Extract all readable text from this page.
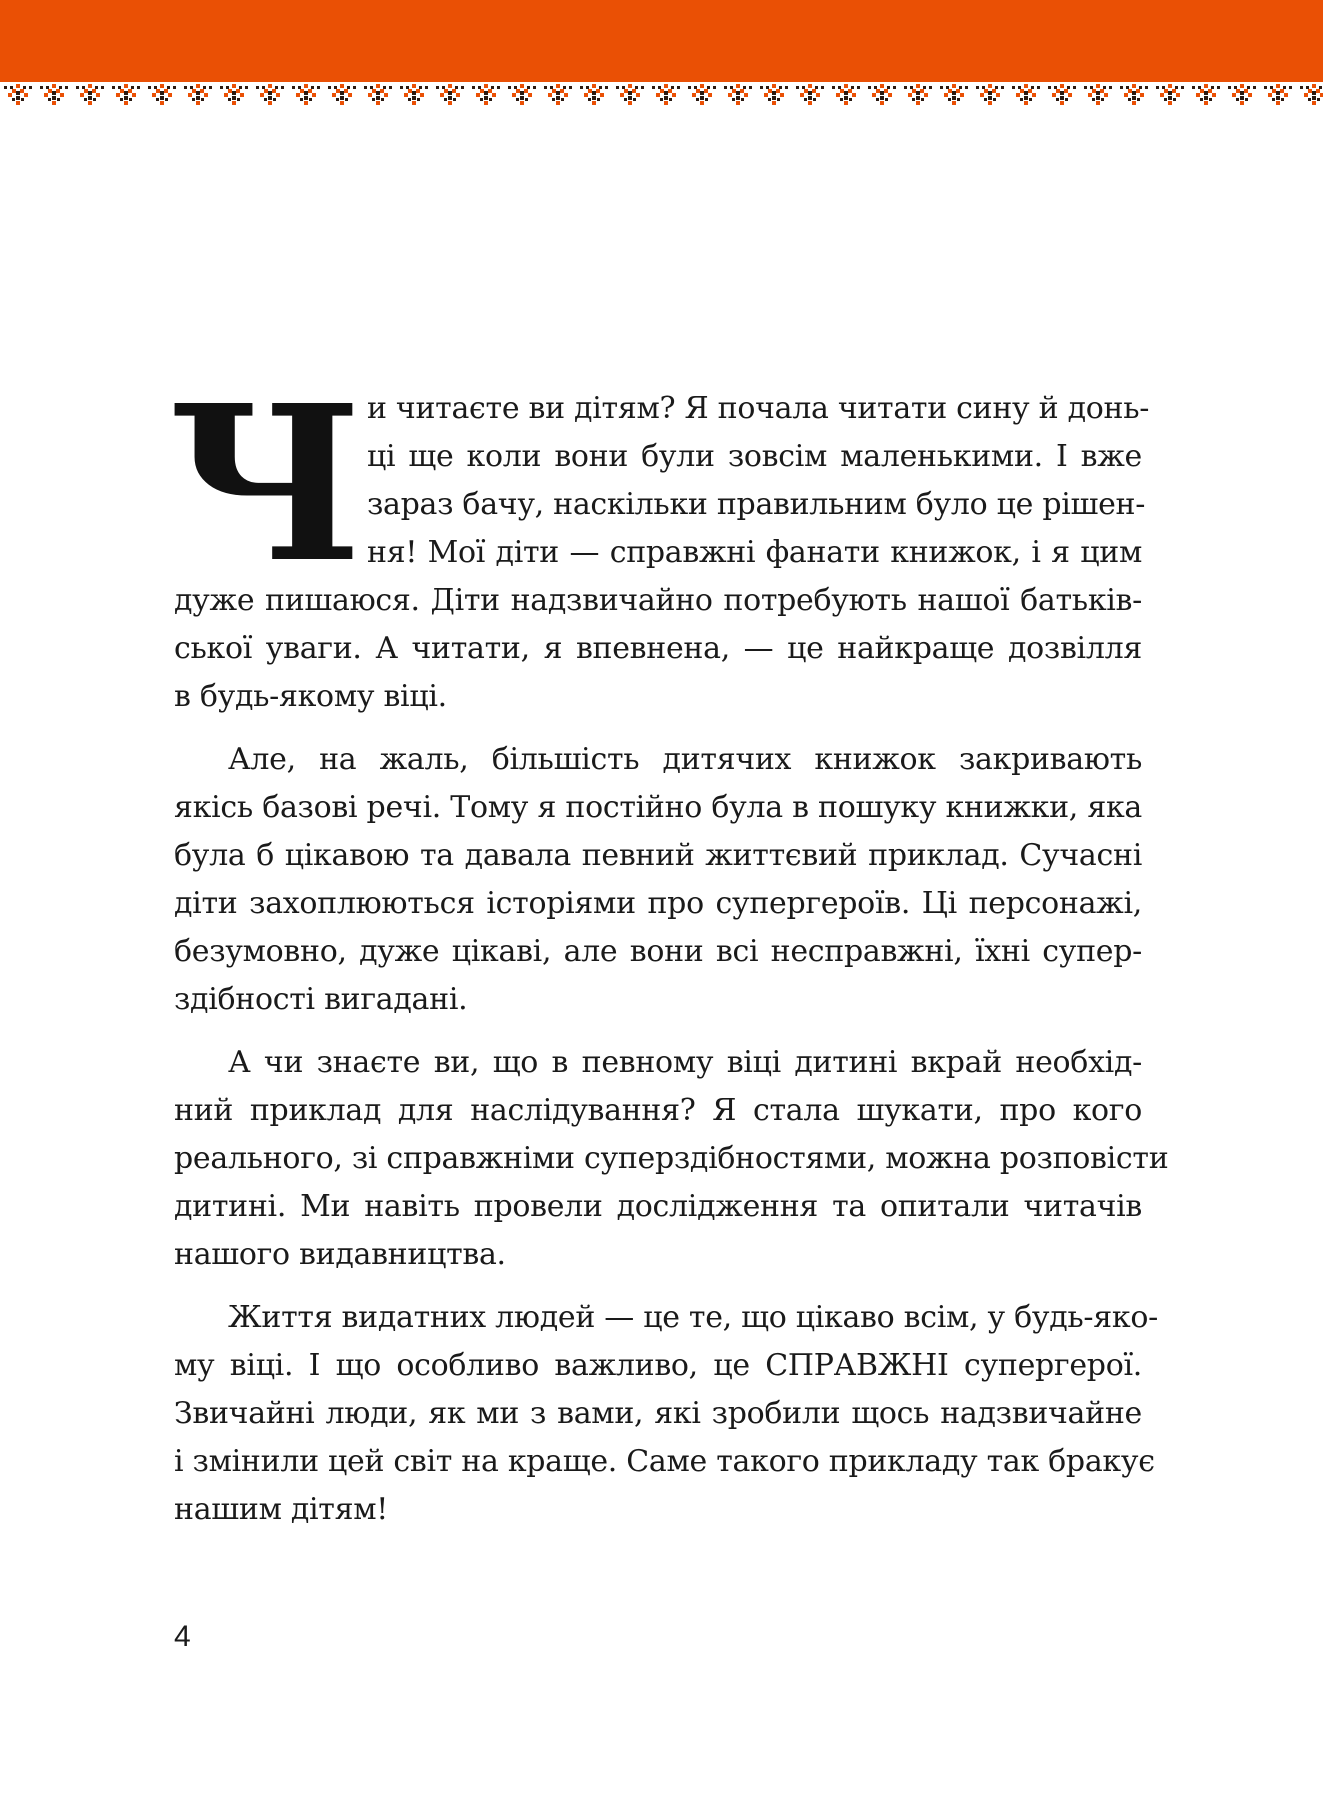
Ч и читаєте ви дітям? Я почала читати сину й донь-
ці ще коли вони були зовсім маленькими. І вже
зараз бачу, наскільки правильним було це рішен-
ня! Мої діти — справжні фанати книжок, і я цим
дуже пишаюся. Діти надзвичайно потребують нашої батьків-
ської уваги. А читати, я впевнена, — це найкраще дозвілля
в будь-якому віці.

Але, на жаль, більшість дитячих книжок закривають
якісь базові речі. Тому я постійно була в пошуку книжки, яка
була б цікавою та давала певний життєвий приклад. Сучасні
діти захоплюються історіями про супергероїв. Ці персонажі,
безумовно, дуже цікаві, але вони всі несправжні, їхні супер-
здібності вигадані.

А чи знаєте ви, що в певному віці дитині вкрай необхід-
ний приклад для наслідування? Я стала шукати, про кого
реального, зі справжніми суперздібностями, можна розповісти
дитині. Ми навіть провели дослідження та опитали читачів
нашого видавництва.

Життя видатних людей — це те, що цікаво всім, у будь-яко-
му віці. І що особливо важливо, це СПРАВЖНІ супергерої.
Звичайні люди, як ми з вами, які зробили щось надзвичайне
і змінили цей світ на краще. Саме такого прикладу так бракує
нашим дітям!

4
